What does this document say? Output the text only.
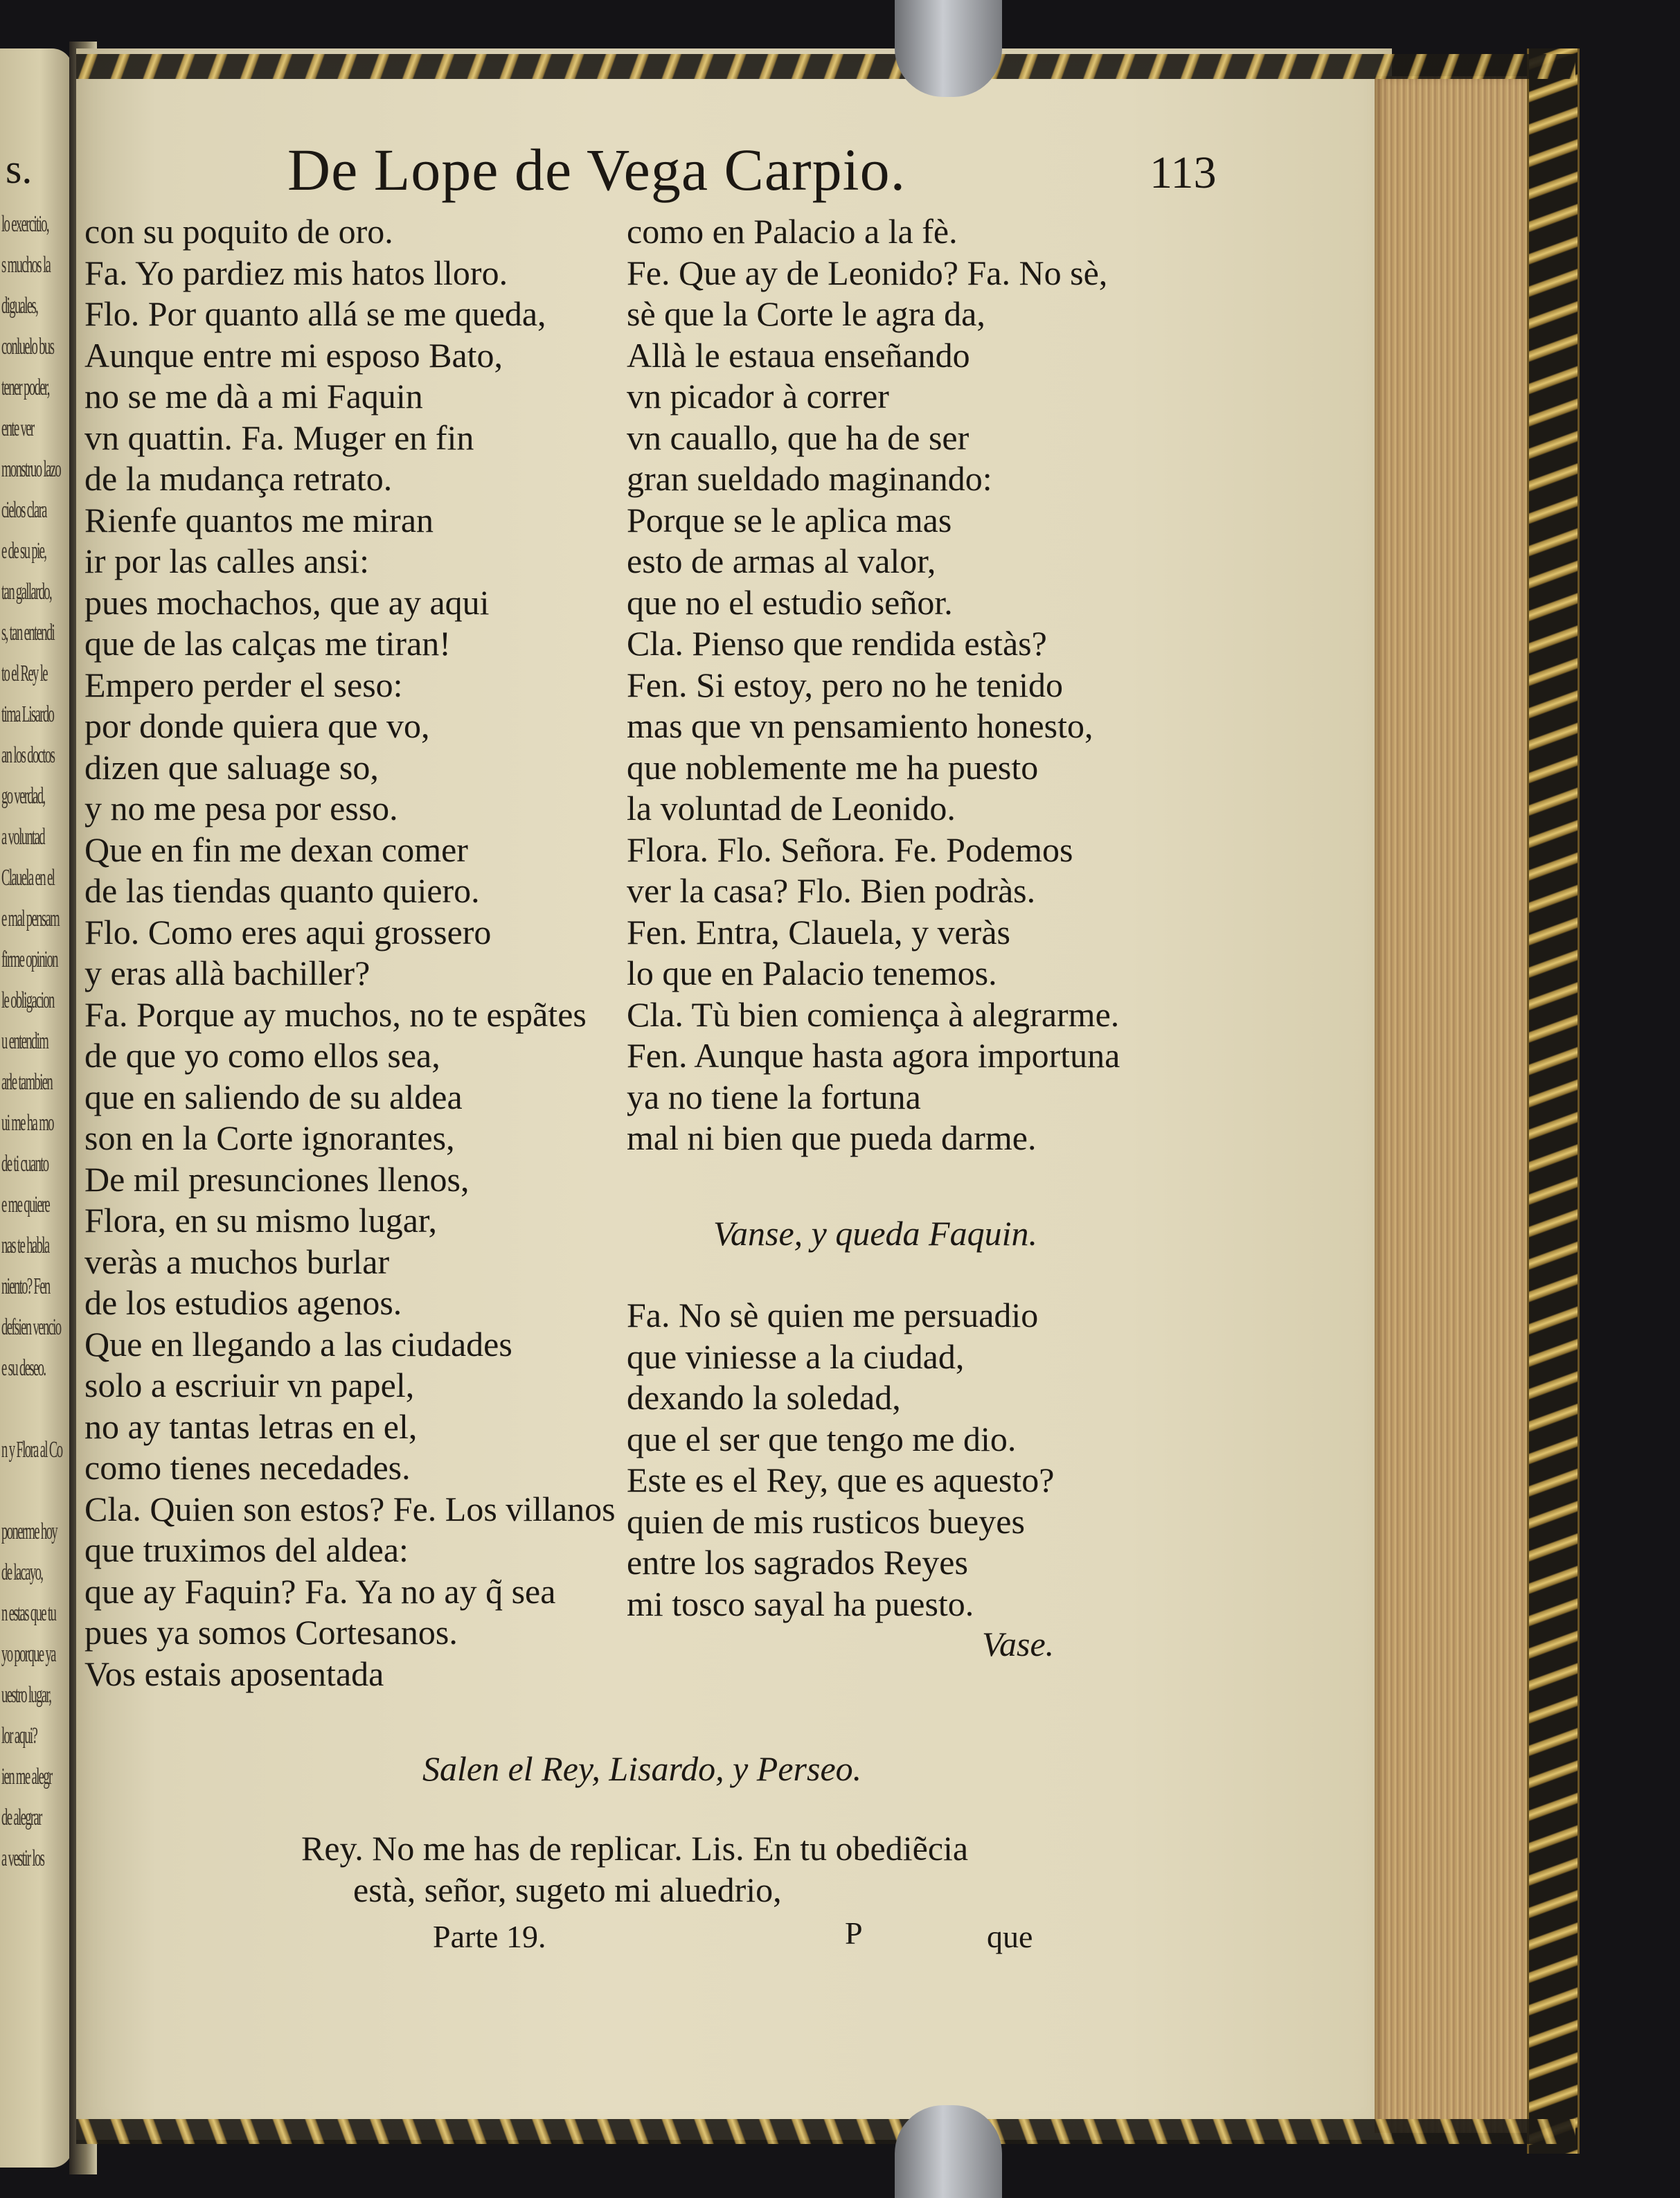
s.
lo exercitio,
s muchos la
diguales,
conluelo bus
tener poder,
ente ver
monstruo lazo
cielos clara
e de su pie,
tan gallardo,
s, tan entendi
to el Rey le
tima Lisardo
an los doctos
go verdad,
a voluntad
Clauela en el
e mal pensam
firme opinion
le obligacion
u entendim
arle tambien
ui me ha mo
de ti cuanto
e me quiere
nas te habla
niento? Fen
defsien vencio
e su deseo.
n y Flora al Co
ponerme hoy
de lacayo,
n estas que tu
yo porque ya
uestro lugar,
lor aqui?
ien me alegr
de alegrar
a vestir los
De Lope de Vega Carpio.	113
con su poquito de oro.
Fa. Yo pardiez mis hatos lloro.
Flo. Por quanto allá se me queda,
Aunque entre mi esposo Bato,
no se me dà a mi Faquin
vn quattin. Fa. Muger en fin
de la mudança retrato.
Rienfe quantos me miran
ir por las calles ansi:
pues mochachos, que ay aqui
que de las calças me tiran!
Empero perder el seso:
por donde quiera que vo,
dizen que saluage so,
y no me pesa por esso.
Que en fin me dexan comer
de las tiendas quanto quiero.
Flo. Como eres aqui grossero
y eras allà bachiller?
Fa. Porque ay muchos, no te espãtes
de que yo como ellos sea,
que en saliendo de su aldea
son en la Corte ignorantes,
De mil presunciones llenos,
Flora, en su mismo lugar,
veràs a muchos burlar
de los estudios agenos.
Que en llegando a las ciudades
solo a escriuir vn papel,
no ay tantas letras en el,
como tienes necedades.
Cla. Quien son estos? Fe. Los villanos
que truximos del aldea:
que ay Faquin? Fa. Ya no ay q̃ sea
pues ya somos Cortesanos.
Vos estais aposentada
como en Palacio a la fè.
Fe. Que ay de Leonido? Fa. No sè,
sè que la Corte le agra da,
Allà le estaua enseñando
vn picador à correr
vn cauallo, que ha de ser
gran sueldado maginando:
Porque se le aplica mas
esto de armas al valor,
que no el estudio señor.
Cla. Pienso que rendida estàs?
Fen. Si estoy, pero no he tenido
mas que vn pensamiento honesto,
que noblemente me ha puesto
la voluntad de Leonido.
Flora. Flo. Señora. Fe. Podemos
ver la casa? Flo. Bien podràs.
Fen. Entra, Clauela, y veràs
lo que en Palacio tenemos.
Cla. Tù bien comiença à alegrarme.
Fen. Aunque hasta agora importuna
ya no tiene la fortuna
mal ni bien que pueda darme.
Vanse, y queda Faquin.
Fa. No sè quien me persuadio
que viniesse a la ciudad,
dexando la soledad,
que el ser que tengo me dio.
Este es el Rey, que es aquesto?
quien de mis rusticos bueyes
entre los sagrados Reyes
mi tosco sayal ha puesto.
Vase.
Salen el Rey, Lisardo, y Perseo.
Rey. No me has de replicar. Lis. En tu obediẽcia
està, señor, sugeto mi aluedrio,
Parte 19.	P	que
